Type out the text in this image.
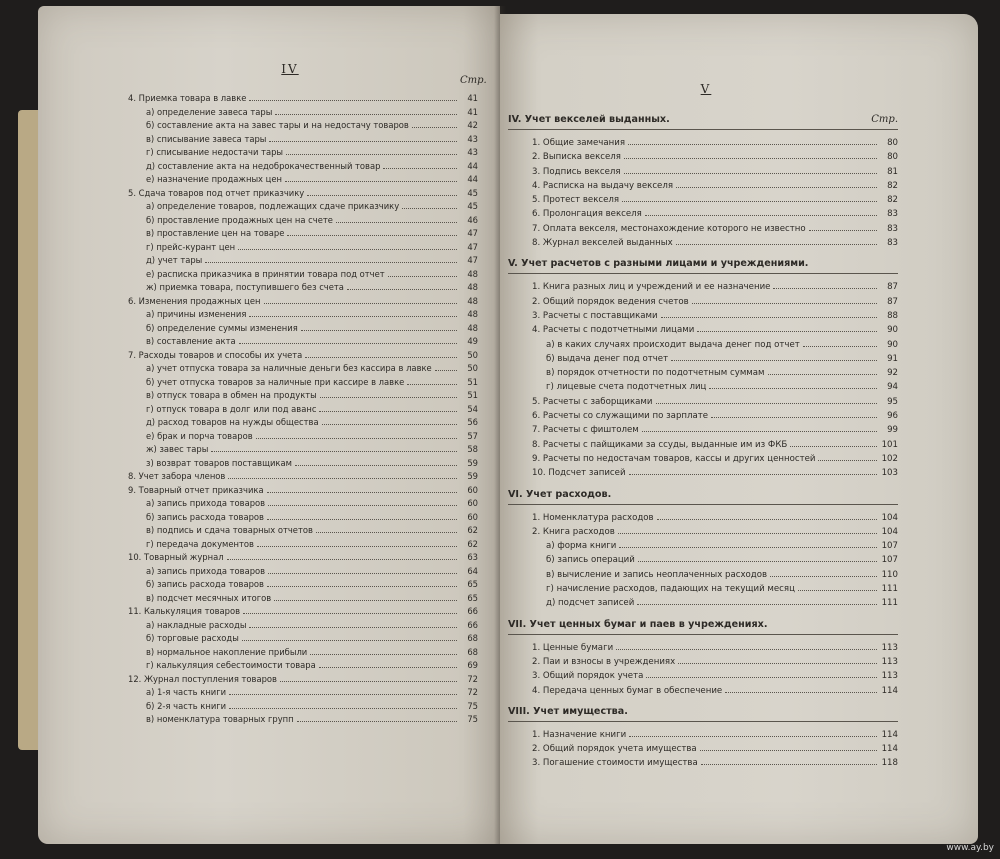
IV
Стр.
4. Приемка товара в лавке	41
а) определение завеса тары	41
б) составление акта на завес тары и на недостачу товаров	42
в) списывание завеса тары	43
г) списывание недостачи тары	43
д) составление акта на недоброкачественный товар	44
е) назначение продажных цен	44
5. Сдача товаров под отчет приказчику	45
а) определение товаров, подлежащих сдаче приказчику	45
б) проставление продажных цен на счете	46
в) проставление цен на товаре	47
г) прейс-курант цен	47
д) учет тары	47
е) расписка приказчика в принятии товара под отчет	48
ж) приемка товара, поступившего без счета	48
6. Изменения продажных цен	48
а) причины изменения	48
б) определение суммы изменения	48
в) составление акта	49
7. Расходы товаров и способы их учета	50
а) учет отпуска товара за наличные деньги без кассира в лавке	50
б) учет отпуска товаров за наличные при кассире в лавке	51
в) отпуск товара в обмен на продукты	51
г) отпуск товара в долг или под аванс	54
д) расход товаров на нужды общества	56
е) брак и порча товаров	57
ж) завес тары	58
з) возврат товаров поставщикам	59
8. Учет забора членов	59
9. Товарный отчет приказчика	60
а) запись прихода товаров	60
б) запись расхода товаров	60
в) подпись и сдача товарных отчетов	62
г) передача документов	62
10. Товарный журнал	63
а) запись прихода товаров	64
б) запись расхода товаров	65
в) подсчет месячных итогов	65
11. Калькуляция товаров	66
а) накладные расходы	66
б) торговые расходы	68
в) нормальное накопление прибыли	68
г) калькуляция себестоимости товара	69
12. Журнал поступления товаров	72
а) 1-я часть книги	72
б) 2-я часть книги	75
в) номенклатура товарных групп	75
V
IV. Учет векселей выданных.	Стр.
1. Общие замечания	80
2. Выписка векселя	80
3. Подпись векселя	81
4. Расписка на выдачу векселя	82
5. Протест векселя	82
6. Пролонгация векселя	83
7. Оплата векселя, местонахождение которого не известно	83
8. Журнал векселей выданных	83
V. Учет расчетов с разными лицами и учреждениями.
1. Книга разных лиц и учреждений и ее назначение	87
2. Общий порядок ведения счетов	87
3. Расчеты с поставщиками	88
4. Расчеты с подотчетными лицами	90
а) в каких случаях происходит выдача денег под отчет	90
б) выдача денег под отчет	91
в) порядок отчетности по подотчетным суммам	92
г) лицевые счета подотчетных лиц	94
5. Расчеты с заборщиками	95
6. Расчеты со служащими по зарплате	96
7. Расчеты с фиштолем	99
8. Расчеты с пайщиками за ссуды, выданные им из ФКБ	101
9. Расчеты по недостачам товаров, кассы и других ценностей	102
10. Подсчет записей	103
VI. Учет расходов.
1. Номенклатура расходов	104
2. Книга расходов	104
а) форма книги	107
б) запись операций	107
в) вычисление и запись неоплаченных расходов	110
г) начисление расходов, падающих на текущий месяц	111
д) подсчет записей	111
VII. Учет ценных бумаг и паев в учреждениях.
1. Ценные бумаги	113
2. Паи и взносы в учреждениях	113
3. Общий порядок учета	113
4. Передача ценных бумаг в обеспечение	114
VIII. Учет имущества.
1. Назначение книги	114
2. Общий порядок учета имущества	114
3. Погашение стоимости имущества	118
www.ay.by
